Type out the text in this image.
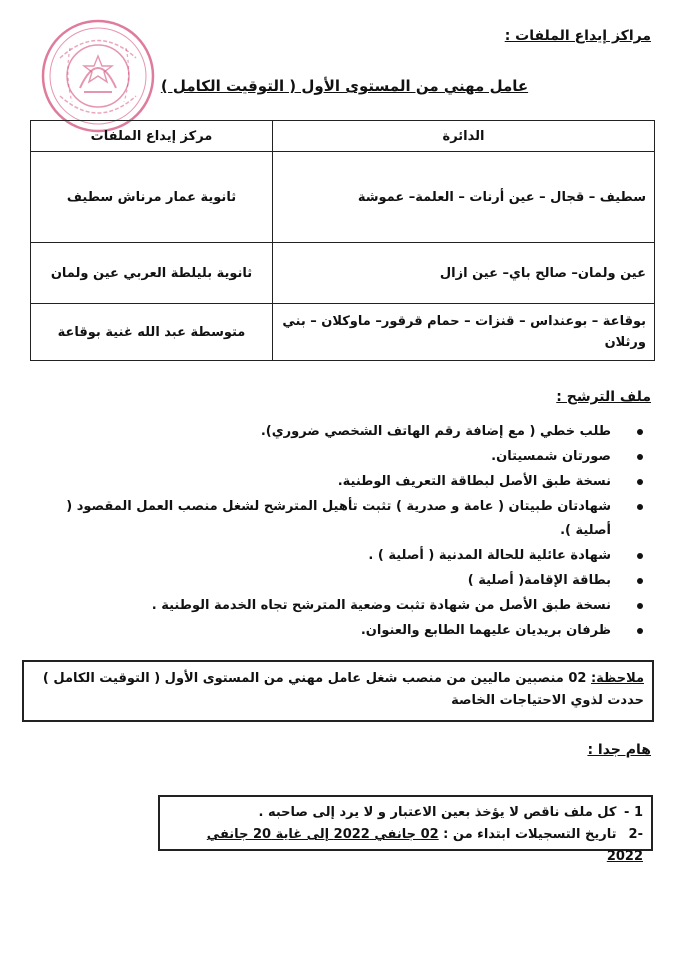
مراكز إيداع الملفات :
عامل مهني من المستوى الأول ( التوقيت الكامل )
الدائرة	مركز إيداع الملفات
سطيف – قجال – عين أرنات – العلمة– عموشة	ثانوية عمار مرناش سطيف
عين ولمان– صالح باي– عين ازال	ثانوية بليلطة العربي عين ولمان
بوقاعة – بوعنداس – قنزات – حمام قرقور– ماوكلان – بني ورثلان	متوسطة عبد الله غنية بوقاعة
ملف الترشح :
طلب خطي ( مع إضافة رقم الهاتف الشخصي ضروري).
صورتان شمسيتان.
نسخة طبق الأصل لبطاقة التعريف الوطنية.
شهادتان طبيتان ( عامة و صدرية ) تثبت تأهيل المترشح لشغل منصب العمل المقصود ( أصلية ).
شهادة عائلية للحالة المدنية ( أصلية ) .
بطاقة الإقامة( أصلية )
نسخة طبق الأصل من شهادة تثبت وضعية المترشح تجاه الخدمة الوطنية .
ظرفان بريديان عليهما الطابع والعنوان.
ملاحظة: 02 منصبين ماليين من منصب شغل عامل مهني من المستوى الأول ( التوقيت الكامل ) حددت لذوي الاحتياجات الخاصة
هام جدا :
1 - كل ملف ناقص لا يؤخذ بعين الاعتبار و لا يرد إلى صاحبه .
-2 تاريخ التسجيلات ابتداء من : 02 جانفي 2022 إلى غاية 20 جانفي 2022
